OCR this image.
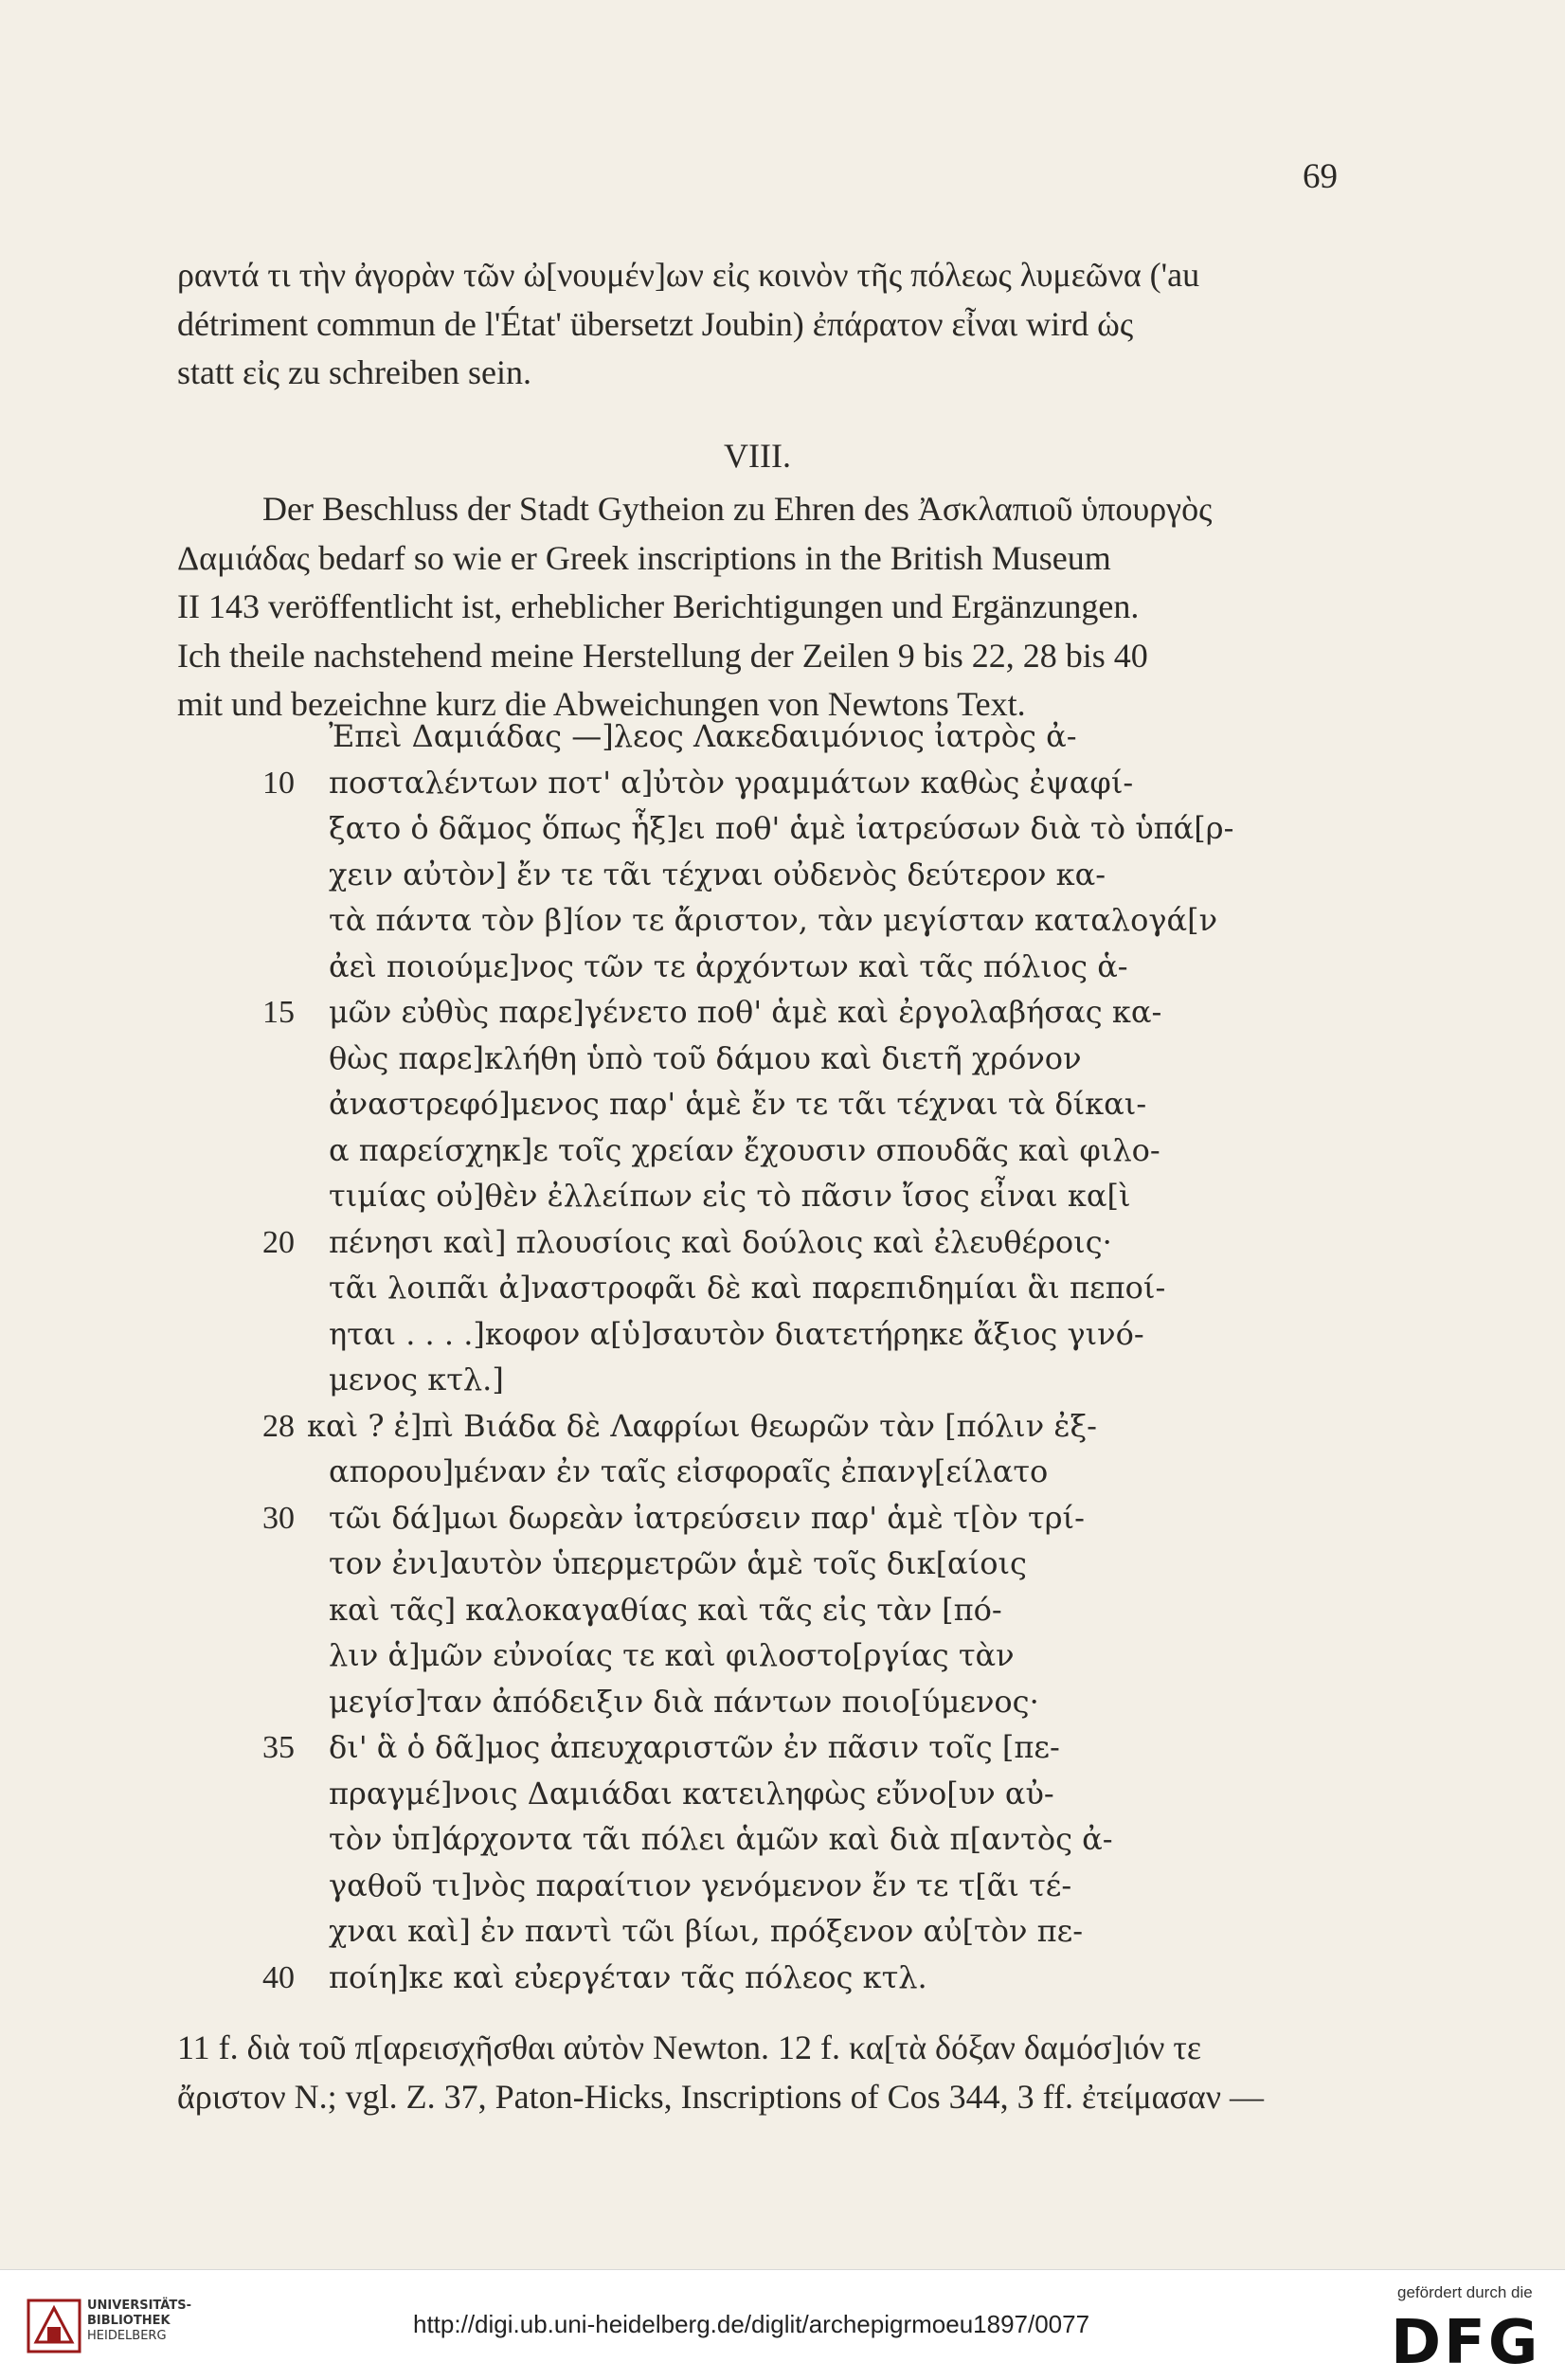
69
ραντά τι τὴν ἀγορὰν τῶν ὠ[νουμέν]ων εἰς κοινὸν τῆς πόλεως λυμεῶνα ('au
détriment commun de l'État' übersetzt Joubin) ἐπάρατον εἶναι wird ὡς
statt εἰς zu schreiben sein.
VIII.
Der Beschluss der Stadt Gytheion zu Ehren des Ἀσκλαπιοῦ ὑπουργὸς
Δαμιάδας bedarf so wie er Greek inscriptions in the British Museum
II 143 veröffentlicht ist, erheblicher Berichtigungen und Ergänzungen.
Ich theile nachstehend meine Herstellung der Zeilen 9 bis 22, 28 bis 40
mit und bezeichne kurz die Abweichungen von Newtons Text.
Ἐπεὶ Δαμιάδας —]λεος Λακεδαιμόνιος ἰατρὸς ἀ-
10	ποσταλέντων ποτ' α]ὐτὸν γραμμάτων καθὼς ἐψαφί-
ξατο ὁ δᾶμος ὅπως ἧξ]ει ποθ' ἁμὲ ἰατρεύσων διὰ τὸ ὑπά[ρ-
χειν αὐτὸν] ἔν τε τᾶι τέχναι οὐδενὸς δεύτερον κα-
τὰ πάντα τὸν β]ίον τε ἄριστον, τὰν μεγίσταν καταλογά[ν
ἀεὶ ποιούμε]νος τῶν τε ἀρχόντων καὶ τᾶς πόλιος ἁ-
15	μῶν εὐθὺς παρε]γένετο ποθ' ἁμὲ καὶ ἐργολαβήσας κα-
θὼς παρε]κλήθη ὑπὸ τοῦ δάμου καὶ διετῆ χρόνον
ἀναστρεφό]μενος παρ' ἁμὲ ἔν τε τᾶι τέχναι τὰ δίκαι-
α παρείσχηκ]ε τοῖς χρείαν ἔχουσιν σπουδᾶς καὶ φιλο-
τιμίας οὐ]θὲν ἐλλείπων εἰς τὸ πᾶσιν ἴσος εἶναι κα[ὶ
20	πένησι καὶ] πλουσίοις καὶ δούλοις καὶ ἐλευθέροις·
τᾶι λοιπᾶι ἀ]ναστροφᾶι δὲ καὶ παρεπιδημίαι ἃι πεποί-
ηται . . . .]κοφον α[ὑ]σαυτὸν διατετήρηκε ἄξιος γινό-
μενος κτλ.]
28 καὶ ? ἐ]πὶ Βιάδα δὲ Λαφρίωι θεωρῶν τὰν [πόλιν ἐξ-
απορου]μέναν ἐν ταῖς εἰσφοραῖς ἐπανγ[είλατο
30	τῶι δά]μωι δωρεὰν ἰατρεύσειν παρ' ἁμὲ τ[ὸν τρί-
τον ἐνι]αυτὸν ὑπερμετρῶν ἁμὲ τοῖς δικ[αίοις
καὶ τᾶς] καλοκαγαθίας καὶ τᾶς εἰς τὰν [πό-
λιν ἁ]μῶν εὐνοίας τε καὶ φιλοστο[ργίας τὰν
μεγίσ]ταν ἀπόδειξιν διὰ πάντων ποιο[ύμενος·
35	δι' ἃ ὁ δᾶ]μος ἀπευχαριστῶν ἐν πᾶσιν τοῖς [πε-
πραγμέ]νοις Δαμιάδαι κατειληφὼς εὔνο[υν αὐ-
τὸν ὑπ]άρχοντα τᾶι πόλει ἁμῶν καὶ διὰ π[αντὸς ἀ-
γαθοῦ τι]νὸς παραίτιον γενόμενον ἔν τε τ[ᾶι τέ-
χναι καὶ] ἐν παντὶ τῶι βίωι, πρόξενον αὐ[τὸν πε-
40	ποίη]κε καὶ εὐεργέταν τᾶς πόλεος κτλ.
11 f. διὰ τοῦ π[αρεισχῆσθαι αὐτὸν Newton. 12 f. κα[τὰ δόξαν δαμόσ]ιόν τε
ἄριστον N.; vgl. Z. 37, Paton-Hicks, Inscriptions of Cos 344, 3 ff. ἐτείμασαν —
UNIVERSITÄTS-
BIBLIOTHEK
HEIDELBERG	http://digi.ub.uni-heidelberg.de/diglit/archepigrmoeu1897/0077
gefördert durch die
DFG
